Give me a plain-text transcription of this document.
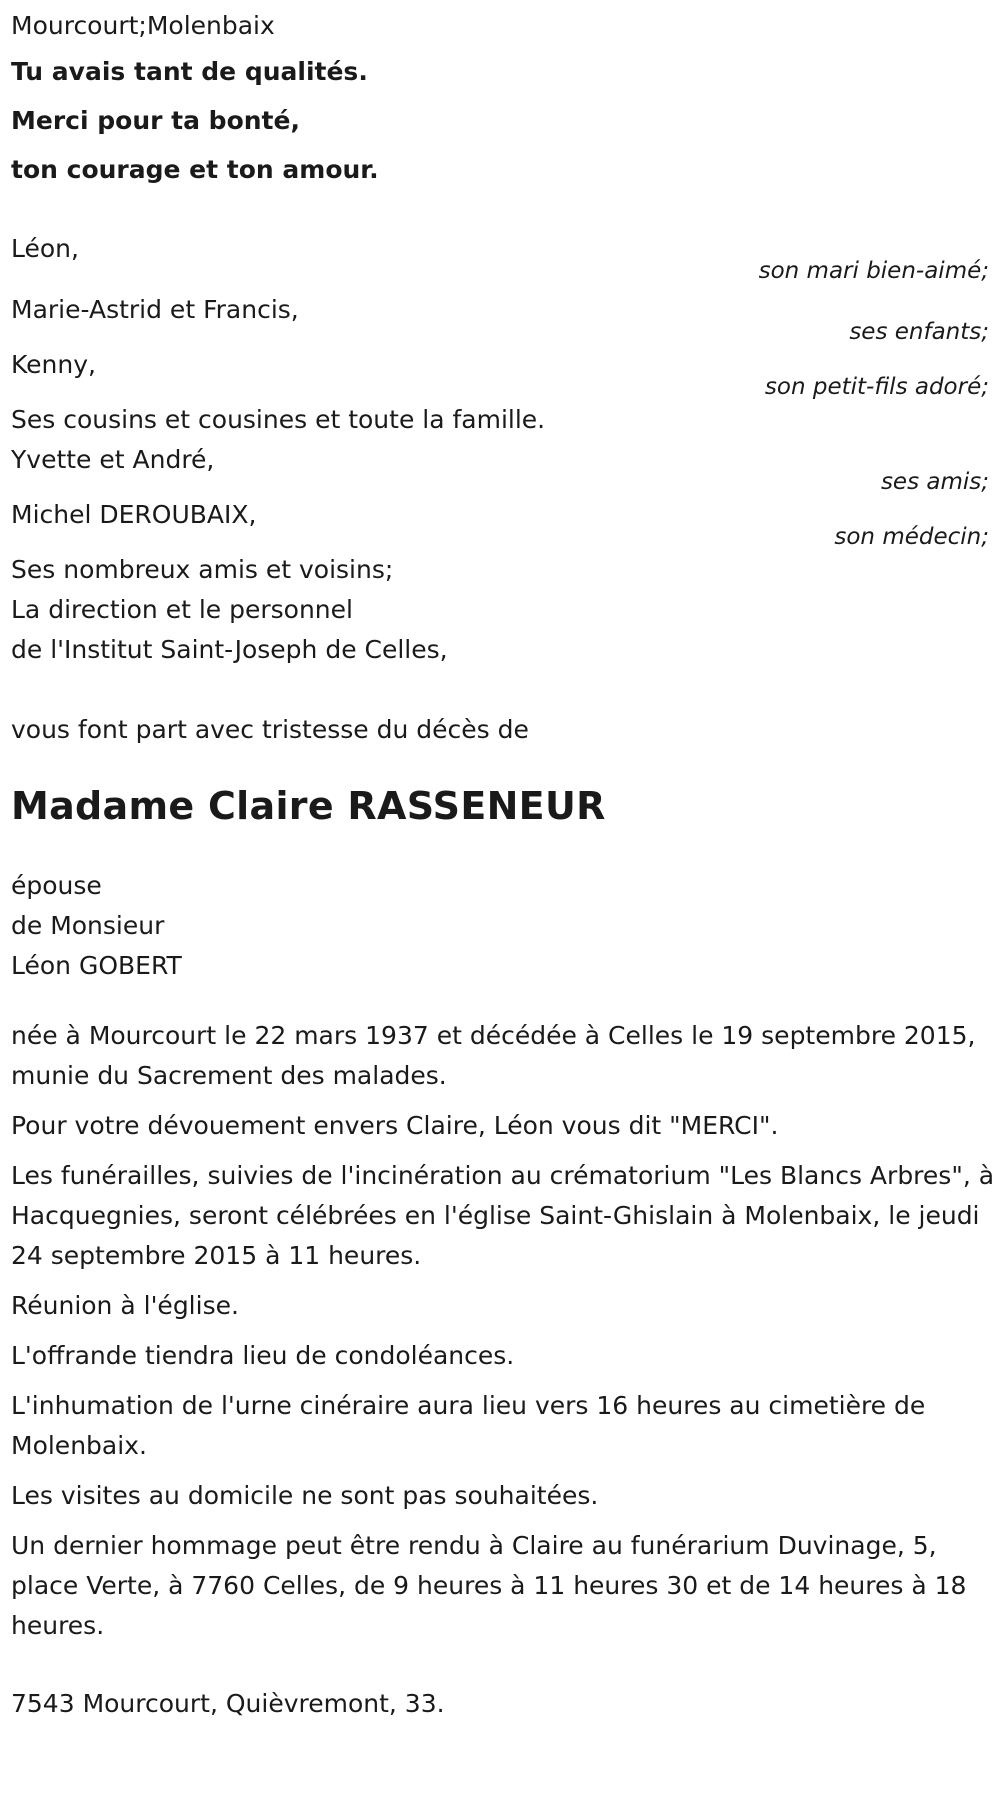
Mourcourt;Molenbaix

Tu avais tant de qualités.

Merci pour ta bonté,

ton courage et ton amour.

Léon,
son mari bien-aimé;
Marie-Astrid et Francis,
ses enfants;
Kenny,
son petit-fils adoré;
Ses cousins et cousines et toute la famille.
Yvette et André,
ses amis;
Michel DEROUBAIX,
son médecin;
Ses nombreux amis et voisins;
La direction et le personnel
de l'Institut Saint-Joseph de Celles,
vous font part avec tristesse du décès de
Madame Claire RASSENEUR
épouse
de Monsieur
Léon GOBERT

née à Mourcourt le 22 mars 1937 et décédée à Celles le 19 septembre 2015, munie du Sacrement des malades.

Pour votre dévouement envers Claire, Léon vous dit "MERCI".

Les funérailles, suivies de l'incinération au crématorium "Les Blancs Arbres", à Hacquegnies, seront célébrées en l'église Saint-Ghislain à Molenbaix, le jeudi 24 septembre 2015 à 11 heures.

Réunion à l'église.

L'offrande tiendra lieu de condoléances.

L'inhumation de l'urne cinéraire aura lieu vers 16 heures au cimetière de Molenbaix.

Les visites au domicile ne sont pas souhaitées.

Un dernier hommage peut être rendu à Claire au funérarium Duvinage, 5, place Verte, à 7760 Celles, de 9 heures à 11 heures 30 et de 14 heures à 18 heures.

7543 Mourcourt, Quièvremont, 33.
